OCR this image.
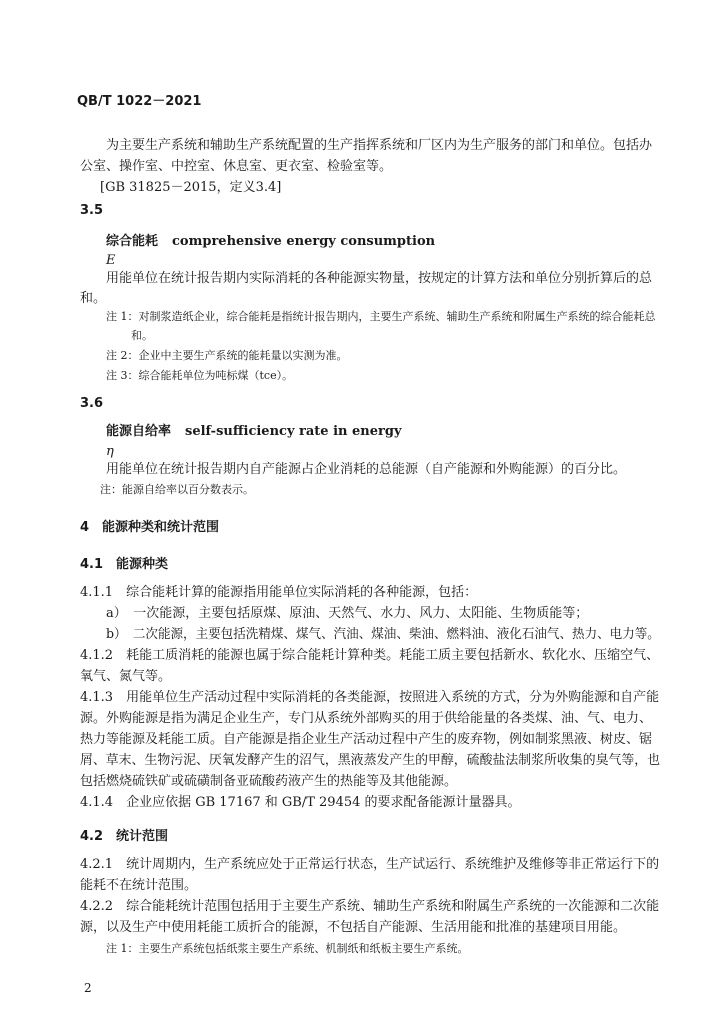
QB/T 1022－2021
为主要生产系统和辅助生产系统配置的生产指挥系统和厂区内为生产服务的部门和单位。包括办
公室、操作室、中控室、休息室、更衣室、检验室等。
[GB 31825－2015，定义3.4]
3.5
综合能耗 comprehensive energy consumption
E
用能单位在统计报告期内实际消耗的各种能源实物量，按规定的计算方法和单位分别折算后的总
和。
注 1：对制浆造纸企业，综合能耗是指统计报告期内，主要生产系统、辅助生产系统和附属生产系统的综合能耗总
和。
注 2：企业中主要生产系统的能耗量以实测为准。
注 3：综合能耗单位为吨标煤（tce）。
3.6
能源自给率 self-sufficiency rate in energy
η
用能单位在统计报告期内自产能源占企业消耗的总能源（自产能源和外购能源）的百分比。
注：能源自给率以百分数表示。
4　能源种类和统计范围
4.1　能源种类
4.1.1　综合能耗计算的能源指用能单位实际消耗的各种能源，包括：
a）　一次能源，主要包括原煤、原油、天然气、水力、风力、太阳能、生物质能等；
b）　二次能源，主要包括洗精煤、煤气、汽油、煤油、柴油、燃料油、液化石油气、热力、电力等。
4.1.2　耗能工质消耗的能源也属于综合能耗计算种类。耗能工质主要包括新水、软化水、压缩空气、
氧气、氮气等。
4.1.3　用能单位生产活动过程中实际消耗的各类能源，按照进入系统的方式，分为外购能源和自产能
源。外购能源是指为满足企业生产，专门从系统外部购买的用于供给能量的各类煤、油、气、电力、
热力等能源及耗能工质。自产能源是指企业生产活动过程中产生的废弃物，例如制浆黑液、树皮、锯
屑、草末、生物污泥、厌氧发酵产生的沼气，黑液蒸发产生的甲醇，硫酸盐法制浆所收集的臭气等，也
包括燃烧硫铁矿或硫磺制备亚硫酸药液产生的热能等及其他能源。
4.1.4　企业应依据 GB 17167 和 GB/T 29454 的要求配备能源计量器具。
4.2　统计范围
4.2.1　统计周期内，生产系统应处于正常运行状态，生产试运行、系统维护及维修等非正常运行下的
能耗不在统计范围。
4.2.2　综合能耗统计范围包括用于主要生产系统、辅助生产系统和附属生产系统的一次能源和二次能
源，以及生产中使用耗能工质折合的能源，不包括自产能源、生活用能和批准的基建项目用能。
注 1：主要生产系统包括纸浆主要生产系统、机制纸和纸板主要生产系统。
2
